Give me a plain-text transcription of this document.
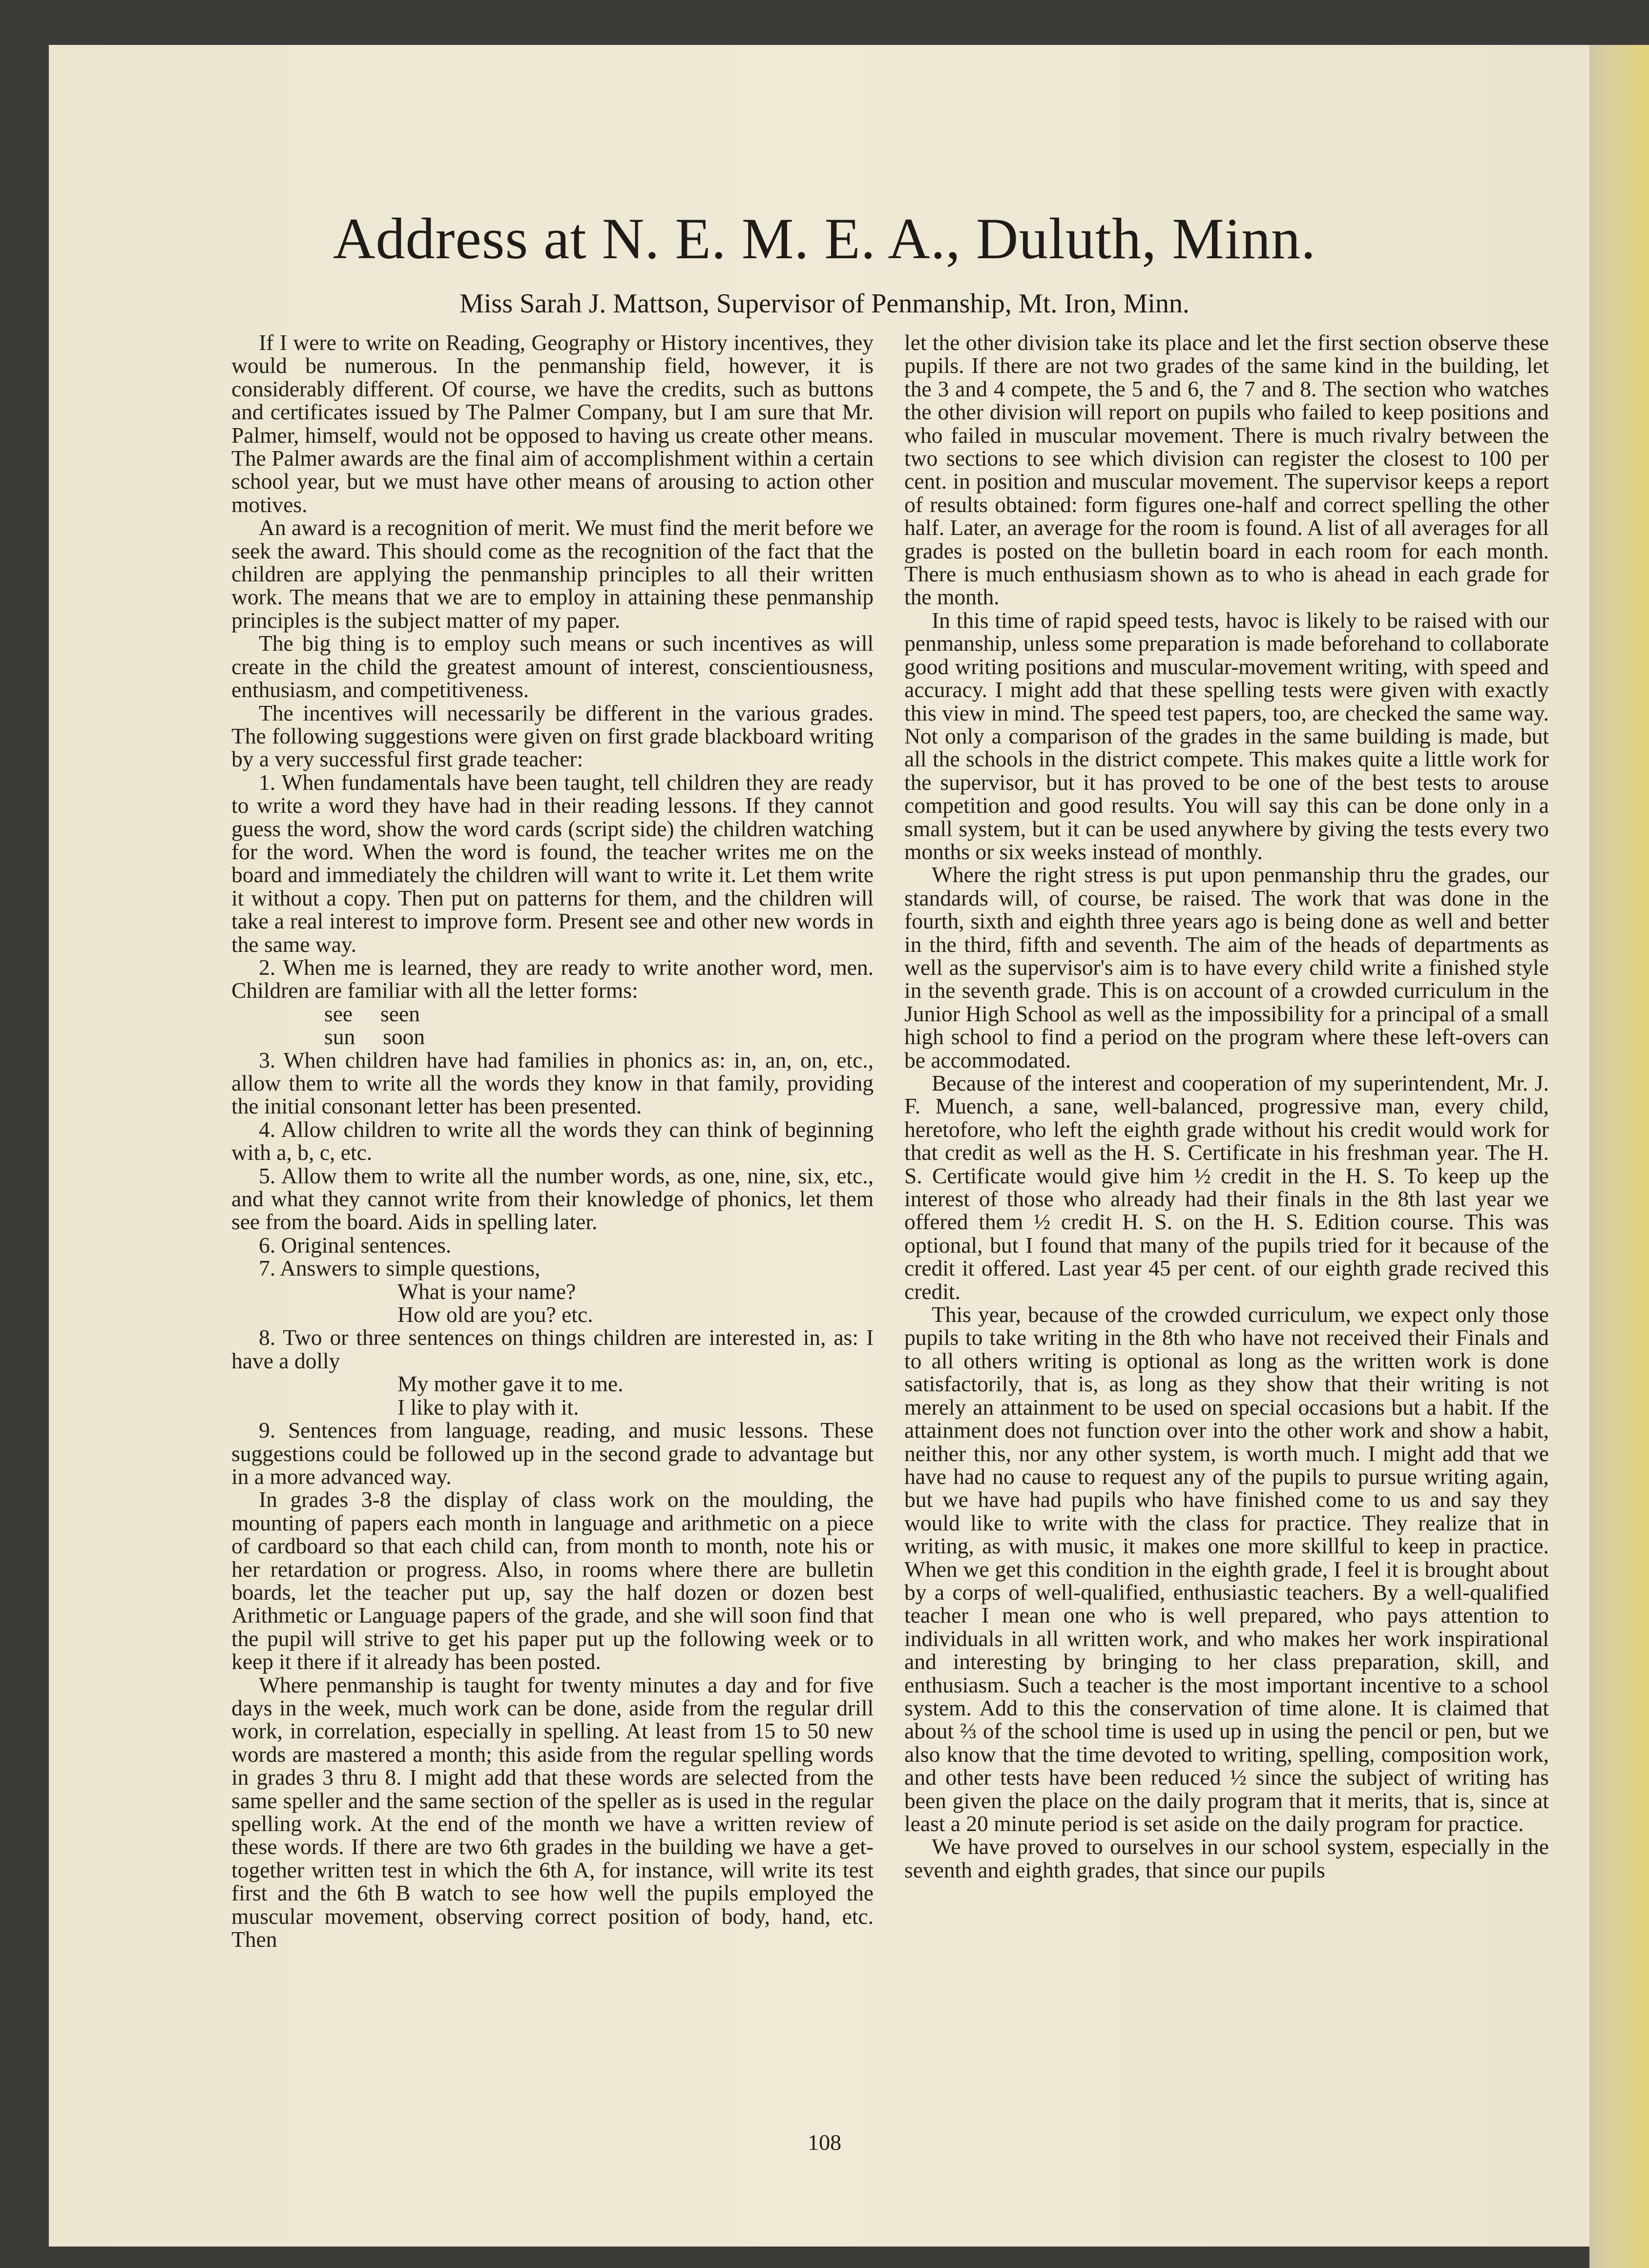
Address at N. E. M. E. A., Duluth, Minn.
Miss Sarah J. Mattson, Supervisor of Penmanship, Mt. Iron, Minn.

If I were to write on Reading, Geography or History incentives, they would be numerous. In the penmanship field, however, it is considerably different. Of course, we have the credits, such as buttons and certificates issued by The Palmer Company, but I am sure that Mr. Palmer, himself, would not be opposed to having us create other means. The Palmer awards are the final aim of accomplishment within a certain school year, but we must have other means of arousing to action other motives.

An award is a recognition of merit. We must find the merit before we seek the award. This should come as the recognition of the fact that the children are applying the penmanship principles to all their written work. The means that we are to employ in attaining these penmanship principles is the subject matter of my paper.

The big thing is to employ such means or such incentives as will create in the child the greatest amount of interest, conscientiousness, enthusiasm, and competitiveness.

The incentives will necessarily be different in the various grades. The following suggestions were given on first grade blackboard writing by a very successful first grade teacher:

1. When fundamentals have been taught, tell children they are ready to write a word they have had in their reading lessons. If they cannot guess the word, show the word cards (script side) the children watching for the word. When the word is found, the teacher writes me on the board and immediately the children will want to write it. Let them write it without a copy. Then put on patterns for them, and the children will take a real interest to improve form. Present see and other new words in the same way.

2. When me is learned, they are ready to write another word, men. Children are familiar with all the letter forms:

see     seen

sun     soon

3. When children have had families in phonics as: in, an, on, etc., allow them to write all the words they know in that family, providing the initial consonant letter has been presented.

4. Allow children to write all the words they can think of beginning with a, b, c, etc.

5. Allow them to write all the number words, as one, nine, six, etc., and what they cannot write from their knowledge of phonics, let them see from the board. Aids in spelling later.

6. Original sentences.

7. Answers to simple questions,

What is your name?

How old are you? etc.

8. Two or three sentences on things children are interested in, as: I have a dolly

My mother gave it to me.

I like to play with it.

9. Sentences from language, reading, and music lessons. These suggestions could be followed up in the second grade to advantage but in a more advanced way.

In grades 3-8 the display of class work on the moulding, the mounting of papers each month in language and arithmetic on a piece of cardboard so that each child can, from month to month, note his or her retardation or progress. Also, in rooms where there are bulletin boards, let the teacher put up, say the half dozen or dozen best Arithmetic or Language papers of the grade, and she will soon find that the pupil will strive to get his paper put up the following week or to keep it there if it already has been posted.

Where penmanship is taught for twenty minutes a day and for five days in the week, much work can be done, aside from the regular drill work, in correlation, especially in spelling. At least from 15 to 50 new words are mastered a month; this aside from the regular spelling words in grades 3 thru 8. I might add that these words are selected from the same speller and the same section of the speller as is used in the regular spelling work. At the end of the month we have a written review of these words. If there are two 6th grades in the building we have a get-together written test in which the 6th A, for instance, will write its test first and the 6th B watch to see how well the pupils employed the muscular movement, observing correct position of body, hand, etc. Then

let the other division take its place and let the first section observe these pupils. If there are not two grades of the same kind in the building, let the 3 and 4 compete, the 5 and 6, the 7 and 8. The section who watches the other division will report on pupils who failed to keep positions and who failed in muscular movement. There is much rivalry between the two sections to see which division can register the closest to 100 per cent. in position and muscular movement. The supervisor keeps a report of results obtained: form figures one-half and correct spelling the other half. Later, an average for the room is found. A list of all averages for all grades is posted on the bulletin board in each room for each month. There is much enthusiasm shown as to who is ahead in each grade for the month.

In this time of rapid speed tests, havoc is likely to be raised with our penmanship, unless some preparation is made beforehand to collaborate good writing positions and muscular-movement writing, with speed and accuracy. I might add that these spelling tests were given with exactly this view in mind. The speed test papers, too, are checked the same way. Not only a comparison of the grades in the same building is made, but all the schools in the district compete. This makes quite a little work for the supervisor, but it has proved to be one of the best tests to arouse competition and good results. You will say this can be done only in a small system, but it can be used anywhere by giving the tests every two months or six weeks instead of monthly.

Where the right stress is put upon penmanship thru the grades, our standards will, of course, be raised. The work that was done in the fourth, sixth and eighth three years ago is being done as well and better in the third, fifth and seventh. The aim of the heads of departments as well as the supervisor's aim is to have every child write a finished style in the seventh grade. This is on account of a crowded curriculum in the Junior High School as well as the impossibility for a principal of a small high school to find a period on the program where these left-overs can be accommodated.

Because of the interest and cooperation of my superintendent, Mr. J. F. Muench, a sane, well-balanced, progressive man, every child, heretofore, who left the eighth grade without his credit would work for that credit as well as the H. S. Certificate in his freshman year. The H. S. Certificate would give him ½ credit in the H. S. To keep up the interest of those who already had their finals in the 8th last year we offered them ½ credit H. S. on the H. S. Edition course. This was optional, but I found that many of the pupils tried for it because of the credit it offered. Last year 45 per cent. of our eighth grade recived this credit.

This year, because of the crowded curriculum, we expect only those pupils to take writing in the 8th who have not received their Finals and to all others writing is optional as long as the written work is done satisfactorily, that is, as long as they show that their writing is not merely an attainment to be used on special occasions but a habit. If the attainment does not function over into the other work and show a habit, neither this, nor any other system, is worth much. I might add that we have had no cause to request any of the pupils to pursue writing again, but we have had pupils who have finished come to us and say they would like to write with the class for practice. They realize that in writing, as with music, it makes one more skillful to keep in practice. When we get this condition in the eighth grade, I feel it is brought about by a corps of well-qualified, enthusiastic teachers. By a well-qualified teacher I mean one who is well prepared, who pays attention to individuals in all written work, and who makes her work inspirational and interesting by bringing to her class preparation, skill, and enthusiasm. Such a teacher is the most important incentive to a school system. Add to this the conservation of time alone. It is claimed that about ⅔ of the school time is used up in using the pencil or pen, but we also know that the time devoted to writing, spelling, composition work, and other tests have been reduced ½ since the subject of writing has been given the place on the daily program that it merits, that is, since at least a 20 minute period is set aside on the daily program for practice.

We have proved to ourselves in our school system, especially in the seventh and eighth grades, that since our pupils

108
